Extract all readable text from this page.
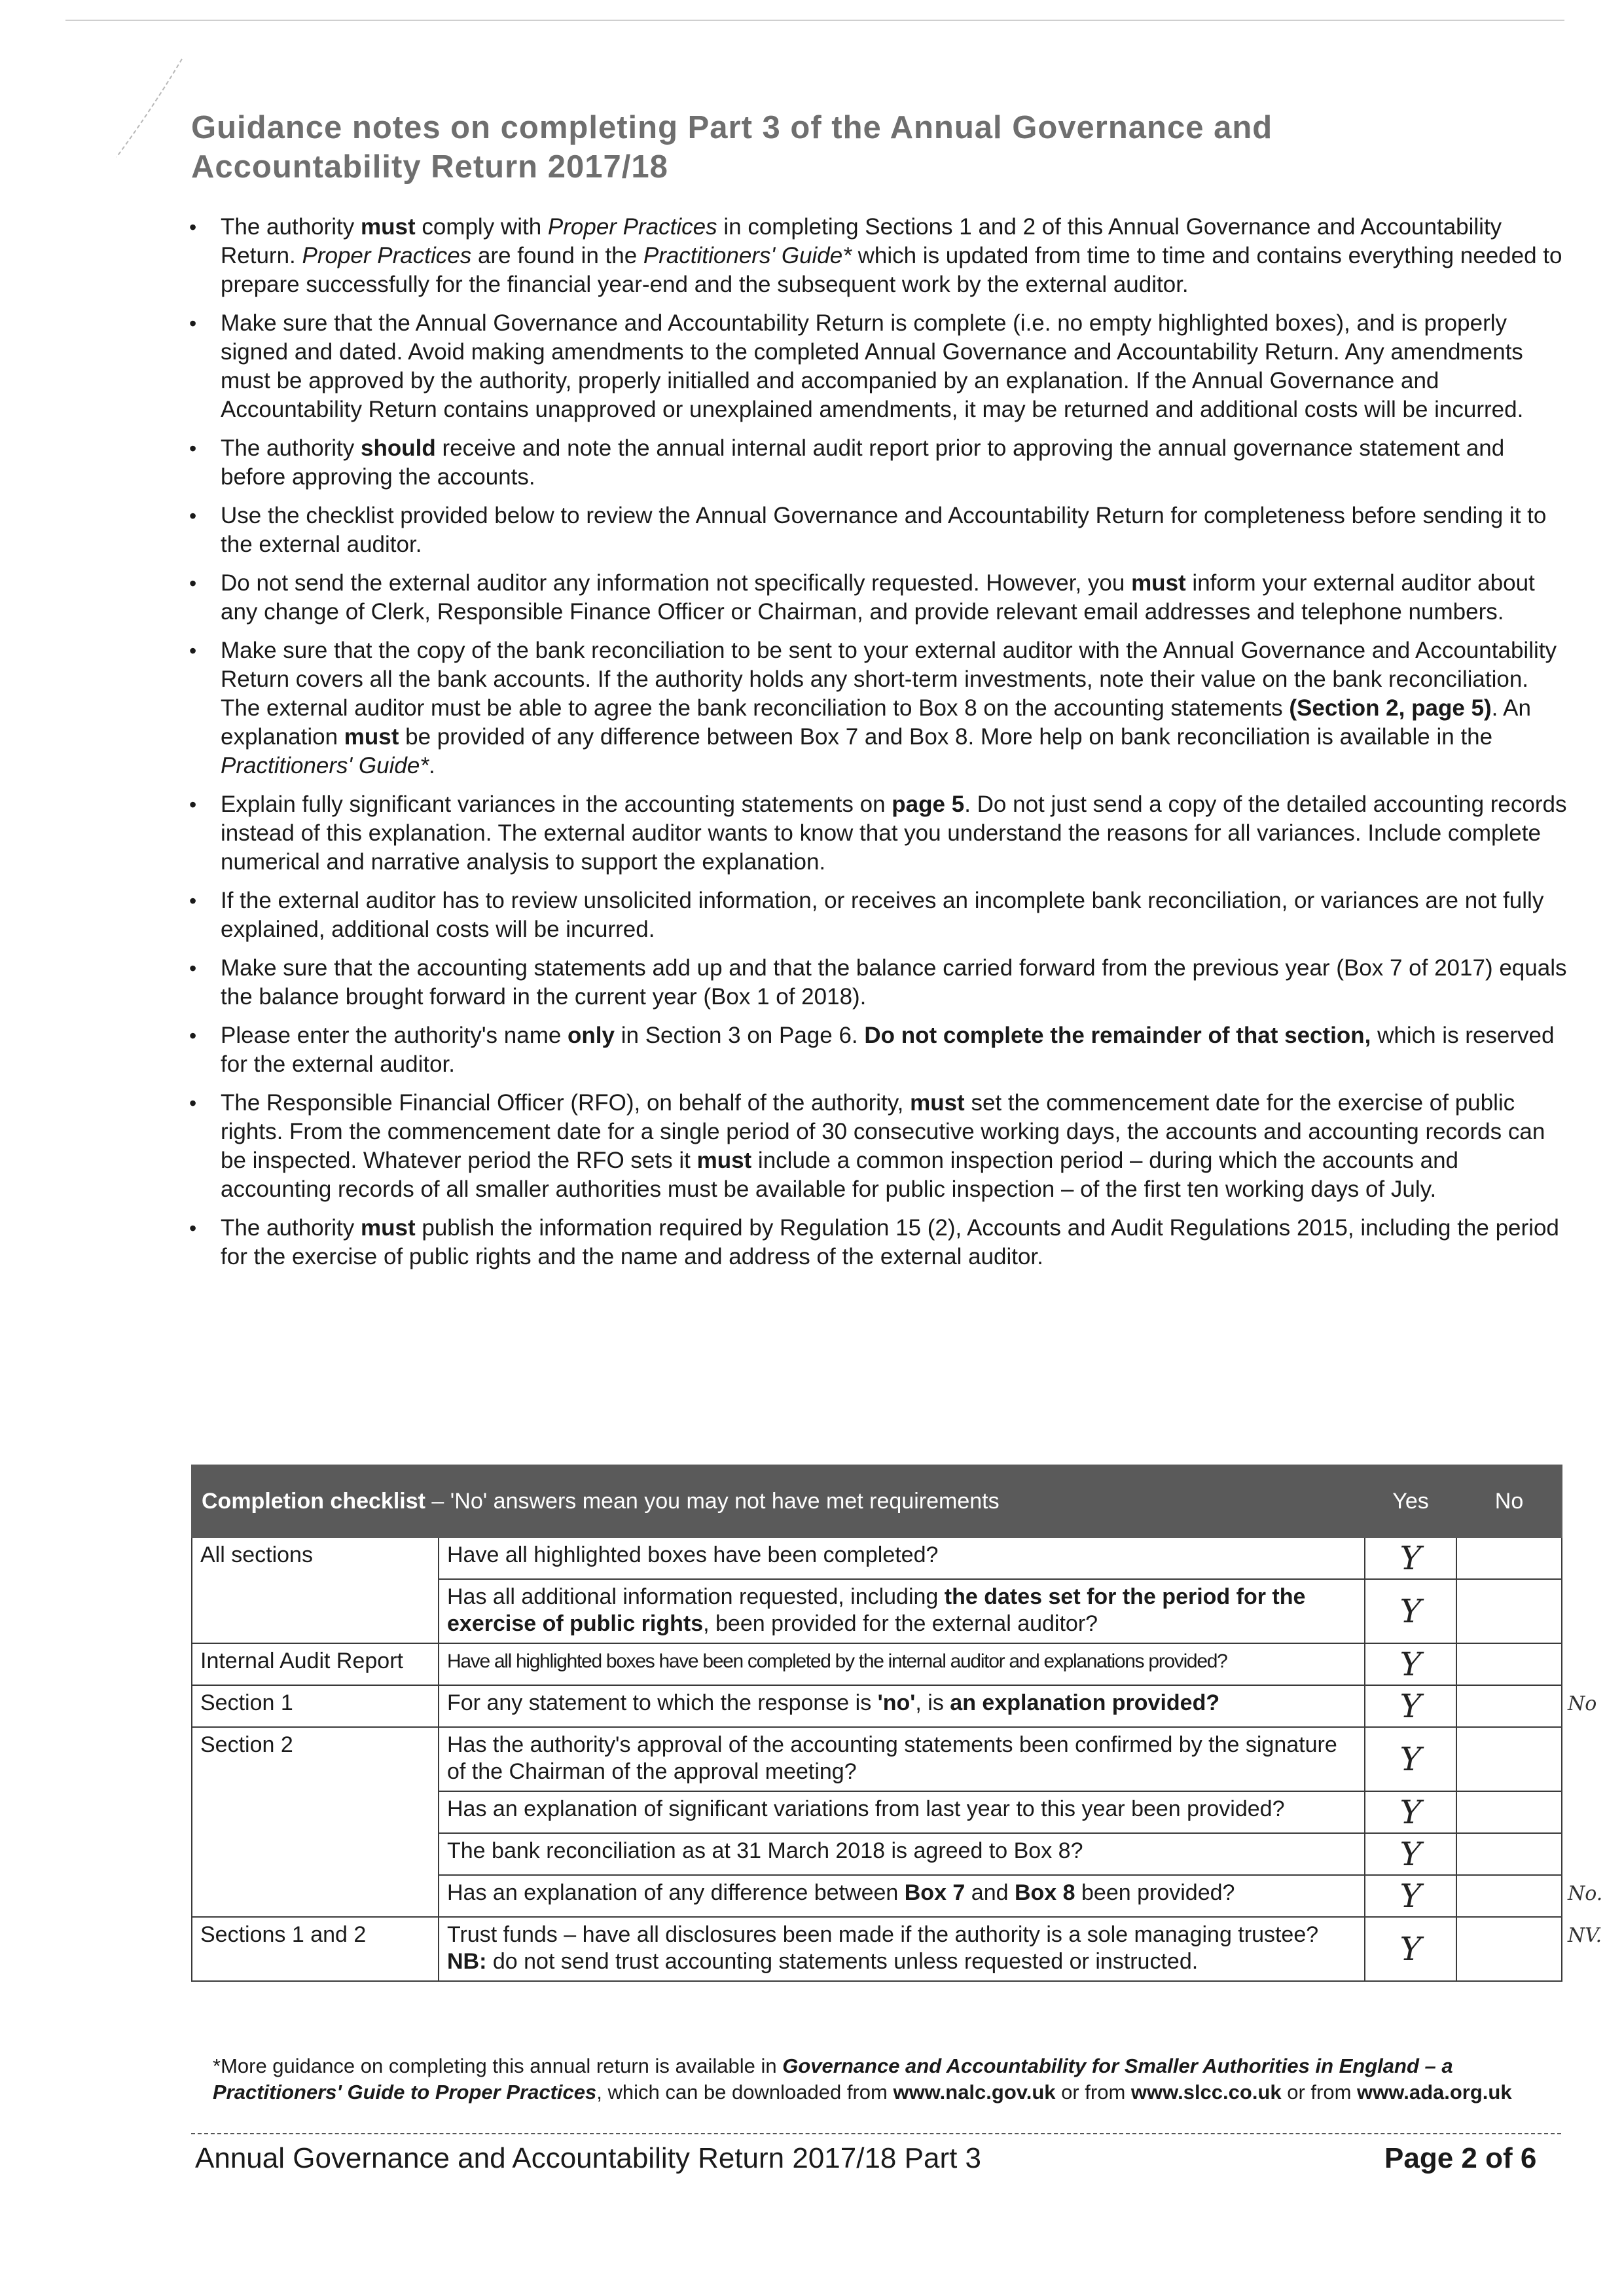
Guidance notes on completing Part 3 of the Annual Governance and
Accountability Return 2017/18
• The authority must comply with Proper Practices in completing Sections 1 and 2 of this Annual Governance and Accountability Return. Proper Practices are found in the Practitioners' Guide* which is updated from time to time and contains everything needed to prepare successfully for the financial year-end and the subsequent work by the external auditor.
• Make sure that the Annual Governance and Accountability Return is complete (i.e. no empty highlighted boxes), and is properly signed and dated. Avoid making amendments to the completed Annual Governance and Accountability Return. Any amendments must be approved by the authority, properly initialled and accompanied by an explanation. If the Annual Governance and Accountability Return contains unapproved or unexplained amendments, it may be returned and additional costs will be incurred.
• The authority should receive and note the annual internal audit report prior to approving the annual governance statement and before approving the accounts.
• Use the checklist provided below to review the Annual Governance and Accountability Return for completeness before sending it to the external auditor.
• Do not send the external auditor any information not specifically requested. However, you must inform your external auditor about any change of Clerk, Responsible Finance Officer or Chairman, and provide relevant email addresses and telephone numbers.
• Make sure that the copy of the bank reconciliation to be sent to your external auditor with the Annual Governance and Accountability Return covers all the bank accounts. If the authority holds any short-term investments, note their value on the bank reconciliation. The external auditor must be able to agree the bank reconciliation to Box 8 on the accounting statements (Section 2, page 5). An explanation must be provided of any difference between Box 7 and Box 8. More help on bank reconciliation is available in the Practitioners' Guide*.
• Explain fully significant variances in the accounting statements on page 5. Do not just send a copy of the detailed accounting records instead of this explanation. The external auditor wants to know that you understand the reasons for all variances. Include complete numerical and narrative analysis to support the explanation.
• If the external auditor has to review unsolicited information, or receives an incomplete bank reconciliation, or variances are not fully explained, additional costs will be incurred.
• Make sure that the accounting statements add up and that the balance carried forward from the previous year (Box 7 of 2017) equals the balance brought forward in the current year (Box 1 of 2018).
• Please enter the authority's name only in Section 3 on Page 6. Do not complete the remainder of that section, which is reserved for the external auditor.
• The Responsible Financial Officer (RFO), on behalf of the authority, must set the commencement date for the exercise of public rights. From the commencement date for a single period of 30 consecutive working days, the accounts and accounting records can be inspected. Whatever period the RFO sets it must include a common inspection period – during which the accounts and accounting records of all smaller authorities must be available for public inspection – of the first ten working days of July.
• The authority must publish the information required by Regulation 15 (2), Accounts and Audit Regulations 2015, including the period for the exercise of public rights and the name and address of the external auditor.
Completion checklist – 'No' answers mean you may not have met requirements		Yes	No
All sections	Have all highlighted boxes have been completed?	Y	
	Has all additional information requested, including the dates set for the period for the exercise of public rights, been provided for the external auditor?	Y	
Internal Audit Report	Have all highlighted boxes have been completed by the internal auditor and explanations provided?	Y	
Section 1	For any statement to which the response is 'no', is an explanation provided?	Y	
Section 2	Has the authority's approval of the accounting statements been confirmed by the signature of the Chairman of the approval meeting?	Y	
	Has an explanation of significant variations from last year to this year been provided?	Y	
	The bank reconciliation as at 31 March 2018 is agreed to Box 8?	Y	
	Has an explanation of any difference between Box 7 and Box 8 been provided?	Y	
Sections 1 and 2	Trust funds – have all disclosures been made if the authority is a sole managing trustee? NB: do not send trust accounting statements unless requested or instructed.	Y	
No
No.
NV.
*More guidance on completing this annual return is available in Governance and Accountability for Smaller Authorities in England – a Practitioners' Guide to Proper Practices, which can be downloaded from www.nalc.gov.uk or from www.slcc.co.uk or from www.ada.org.uk
Annual Governance and Accountability Return 2017/18 Part 3	Page 2 of 6
